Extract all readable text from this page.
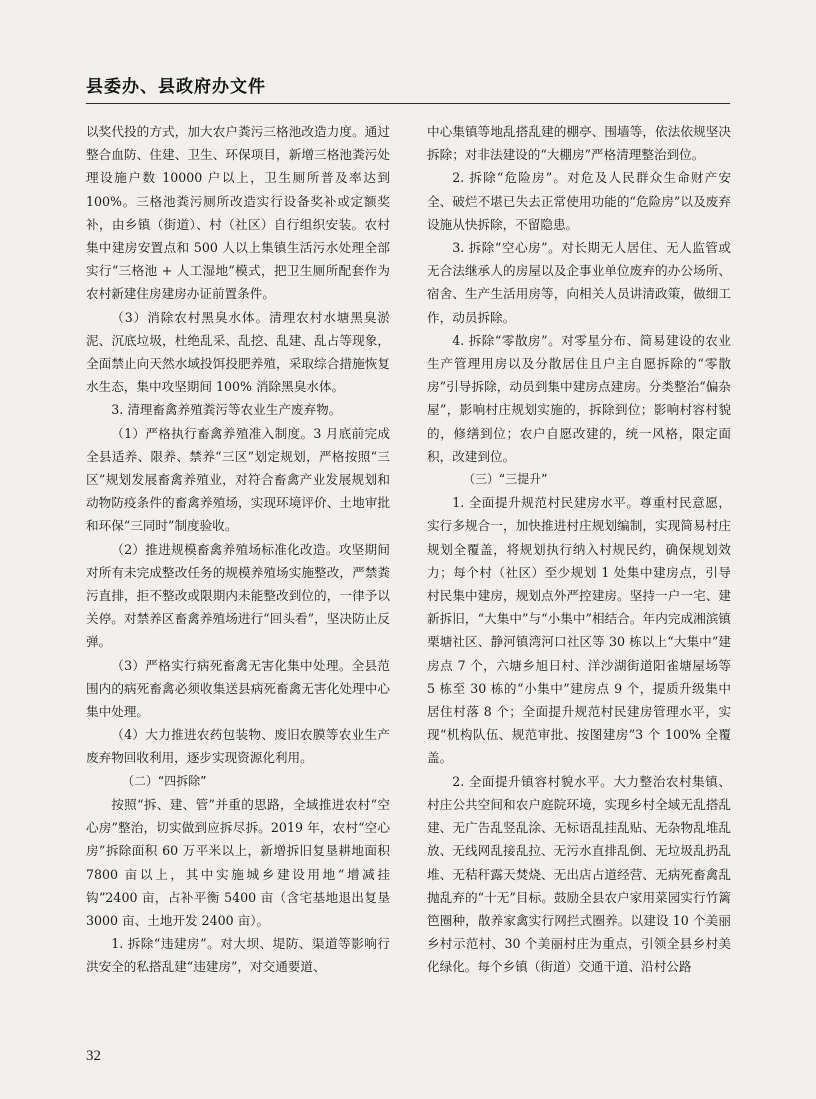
县委办、县政府办文件

以奖代投的方式，加大农户粪污三格池改造力度。通过整合血防、住建、卫生、环保项目，新增三格池粪污处理设施户数 10000 户以上，卫生厕所普及率达到 100%。三格池粪污厕所改造实行设备奖补或定额奖补，由乡镇（街道）、村（社区）自行组织安装。农村集中建房安置点和 500 人以上集镇生活污水处理全部实行“三格池 + 人工湿地”模式，把卫生厕所配套作为农村新建住房建房办证前置条件。

（3）消除农村黑臭水体。清理农村水塘黑臭淤泥、沉底垃圾，杜绝乱采、乱挖、乱建、乱占等现象，全面禁止向天然水域投饵投肥养殖，采取综合措施恢复水生态，集中攻坚期间 100% 消除黑臭水体。

3. 清理畜禽养殖粪污等农业生产废弃物。

（1）严格执行畜禽养殖准入制度。3 月底前完成全县适养、限养、禁养“三区”划定规划，严格按照“三区”规划发展畜禽养殖业，对符合畜禽产业发展规划和动物防疫条件的畜禽养殖场，实现环境评价、土地审批和环保“三同时”制度验收。

（2）推进规模畜禽养殖场标准化改造。攻坚期间对所有未完成整改任务的规模养殖场实施整改，严禁粪污直排，拒不整改或限期内未能整改到位的，一律予以关停。对禁养区畜禽养殖场进行“回头看”，坚决防止反弹。

（3）严格实行病死畜禽无害化集中处理。全县范围内的病死畜禽必须收集送县病死畜禽无害化处理中心集中处理。

（4）大力推进农药包装物、废旧农膜等农业生产废弃物回收利用，逐步实现资源化利用。

（二）“四拆除”

按照“拆、建、管”并重的思路，全域推进农村“空心房”整治，切实做到应拆尽拆。2019 年，农村“空心房”拆除面积 60 万平米以上，新增拆旧复垦耕地面积 7800 亩以上，其中实施城乡建设用地“增减挂钩”2400 亩，占补平衡 5400 亩（含宅基地退出复垦 3000 亩、土地开发 2400 亩）。

1. 拆除“违建房”。对大坝、堤防、渠道等影响行洪安全的私搭乱建“违建房”，对交通要道、

中心集镇等地乱搭乱建的棚亭、围墙等，依法依规坚决拆除；对非法建设的“大棚房”严格清理整治到位。

2. 拆除“危险房”。对危及人民群众生命财产安全、破烂不堪已失去正常使用功能的“危险房”以及废弃设施从快拆除，不留隐患。

3. 拆除“空心房”。对长期无人居住、无人监管或无合法继承人的房屋以及企事业单位废弃的办公场所、宿舍、生产生活用房等，向相关人员讲清政策，做细工作，动员拆除。

4. 拆除“零散房”。对零星分布、简易建设的农业生产管理用房以及分散居住且户主自愿拆除的“零散房”引导拆除，动员到集中建房点建房。分类整治“偏杂屋”，影响村庄规划实施的，拆除到位；影响村容村貌的，修缮到位；农户自愿改建的，统一风格，限定面积，改建到位。

（三）“三提升”

1. 全面提升规范村民建房水平。尊重村民意愿，实行多规合一，加快推进村庄规划编制，实现简易村庄规划全覆盖，将规划执行纳入村规民约，确保规划效力；每个村（社区）至少规划 1 处集中建房点，引导村民集中建房，规划点外严控建房。坚持一户一宅、建新拆旧，“大集中”与“小集中”相结合。年内完成湘滨镇栗塘社区、静河镇湾河口社区等 30 栋以上“大集中”建房点 7 个，六塘乡旭日村、洋沙湖街道阳雀塘屋场等 5 栋至 30 栋的“小集中”建房点 9 个，提质升级集中居住村落 8 个；全面提升规范村民建房管理水平，实现“机构队伍、规范审批、按图建房”3 个 100% 全覆盖。

2. 全面提升镇容村貌水平。大力整治农村集镇、村庄公共空间和农户庭院环境，实现乡村全域无乱搭乱建、无广告乱竖乱涂、无标语乱挂乱贴、无杂物乱堆乱放、无线网乱接乱拉、无污水直排乱倒、无垃圾乱扔乱堆、无秸秆露天焚烧、无出店占道经营、无病死畜禽乱抛乱弃的“十无”目标。鼓励全县农户家用菜园实行竹篱笆圈种，散养家禽实行网拦式圈养。以建设 10 个美丽乡村示范村、30 个美丽村庄为重点，引领全县乡村美化绿化。每个乡镇（街道）交通干道、沿村公路

32
